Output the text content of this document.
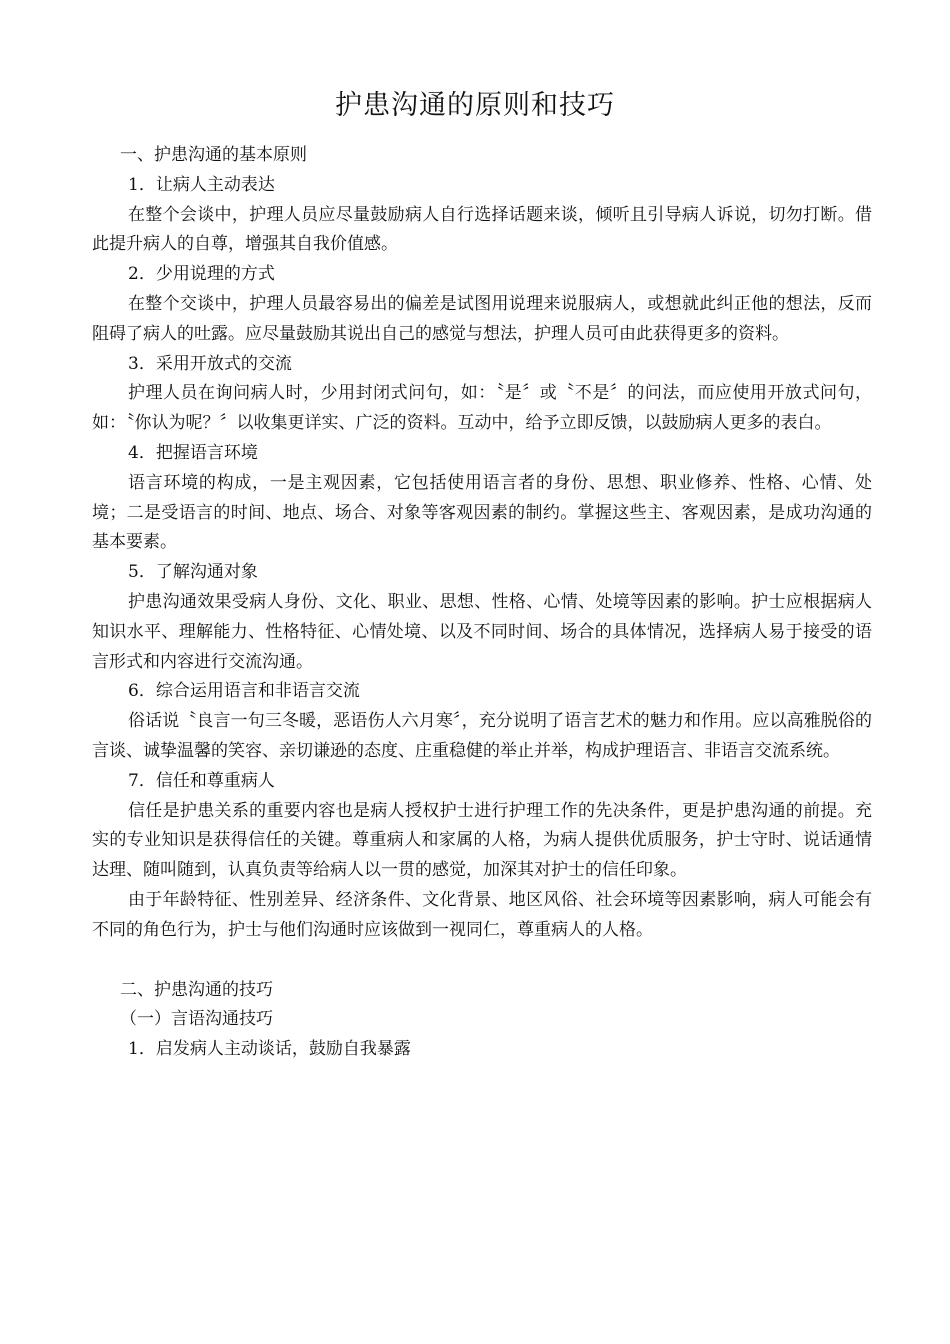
护患沟通的原则和技巧

一、护患沟通的基本原则

1．让病人主动表达

在整个会谈中，护理人员应尽量鼓励病人自行选择话题来谈，倾听且引导病人诉说，切勿打断。借此提升病人的自尊，增强其自我价值感。

2．少用说理的方式

在整个交谈中，护理人员最容易出的偏差是试图用说理来说服病人，或想就此纠正他的想法，反而阻碍了病人的吐露。应尽量鼓励其说出自己的感觉与想法，护理人员可由此获得更多的资料。

3．采用开放式的交流

护理人员在询问病人时，少用封闭式问句，如：〝是〞或〝不是〞的问法，而应使用开放式问句，如：〝你认为呢？〞以收集更详实、广泛的资料。互动中，给予立即反馈，以鼓励病人更多的表白。

4．把握语言环境

语言环境的构成，一是主观因素，它包括使用语言者的身份、思想、职业修养、性格、心情、处境；二是受语言的时间、地点、场合、对象等客观因素的制约。掌握这些主、客观因素，是成功沟通的基本要素。

5．了解沟通对象

护患沟通效果受病人身份、文化、职业、思想、性格、心情、处境等因素的影响。护士应根据病人知识水平、理解能力、性格特征、心情处境、以及不同时间、场合的具体情况，选择病人易于接受的语言形式和内容进行交流沟通。

6．综合运用语言和非语言交流

俗话说〝良言一句三冬暖，恶语伤人六月寒〞，充分说明了语言艺术的魅力和作用。应以高雅脱俗的言谈、诚挚温馨的笑容、亲切谦逊的态度、庄重稳健的举止并举，构成护理语言、非语言交流系统。

7．信任和尊重病人

信任是护患关系的重要内容也是病人授权护士进行护理工作的先决条件，更是护患沟通的前提。充实的专业知识是获得信任的关键。尊重病人和家属的人格，为病人提供优质服务，护士守时、说话通情达理、随叫随到，认真负责等给病人以一贯的感觉，加深其对护士的信任印象。

由于年龄特征、性别差异、经济条件、文化背景、地区风俗、社会环境等因素影响，病人可能会有不同的角色行为，护士与他们沟通时应该做到一视同仁，尊重病人的人格。

二、护患沟通的技巧

（一）言语沟通技巧

1．启发病人主动谈话，鼓励自我暴露
